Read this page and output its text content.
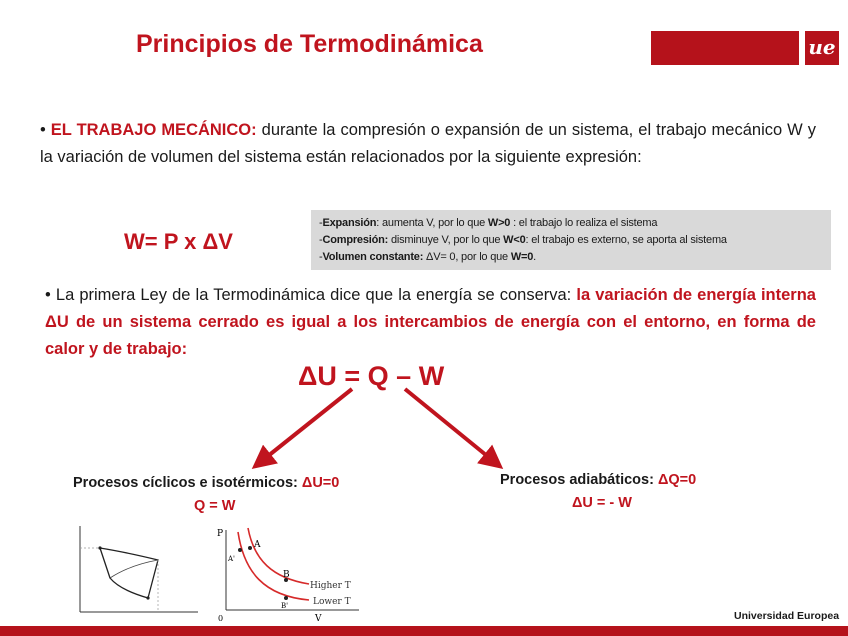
Principios de Termodinámica	ue
• EL TRABAJO MECÁNICO: durante la compresión o expansión de un sistema, el trabajo mecánico W y la variación de volumen del sistema están relacionados por la siguiente expresión:
W= P x ΔV
-Expansión: aumenta V, por lo que W>0 : el trabajo lo realiza el sistema
-Compresión: disminuye V, por lo que W<0: el trabajo es externo, se aporta al sistema
-Volumen constante: ΔV= 0, por lo que W=0.
• La primera Ley de la Termodinámica dice que la energía se conserva: la variación de energía interna ΔU de un sistema cerrado es igual a los intercambios de energía con el entorno, en forma de calor y de trabajo:
ΔU = Q – W
Procesos cíclicos e isotérmicos: ΔU=0
Q = W
Procesos adiabáticos: ΔQ=0
ΔU = - W
P
V
0
A
A'
B
B'
Higher T
Lower T
Universidad Europea
